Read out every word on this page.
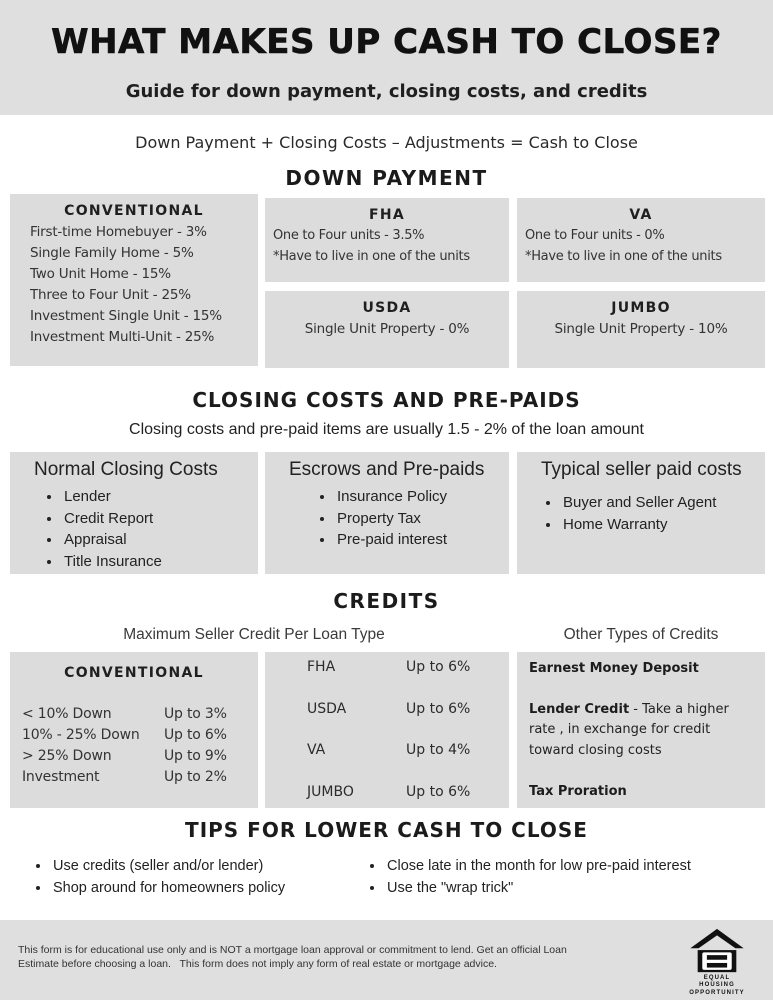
WHAT MAKES UP CASH TO CLOSE?
Guide for down payment, closing costs, and credits
Down Payment + Closing Costs – Adjustments = Cash to Close
DOWN PAYMENT
CONVENTIONAL
First-time Homebuyer - 3%
Single Family Home - 5%
Two Unit Home - 15%
Three to Four Unit - 25%
Investment Single Unit - 15%
Investment Multi-Unit - 25%
FHA
One to Four units - 3.5%
*Have to live in one of the units
VA
One to Four units - 0%
*Have to live in one of the units
USDA
Single Unit Property - 0%
JUMBO
Single Unit Property - 10%
CLOSING COSTS AND PRE-PAIDS
Closing costs and pre-paid items are usually 1.5 - 2% of the loan amount
Normal Closing Costs
• Lender
• Credit Report
• Appraisal
• Title Insurance
Escrows and Pre-paids
• Insurance Policy
• Property Tax
• Pre-paid interest
Typical seller paid costs
• Buyer and Seller Agent
• Home Warranty
CREDITS
Maximum Seller Credit Per Loan Type	Other Types of Credits
CONVENTIONAL
< 10% Down	Up to 3%
10% - 25% Down	Up to 6%
> 25% Down	Up to 9%
Investment	Up to 2%
FHA	Up to 6%
USDA	Up to 6%
VA	Up to 4%
JUMBO	Up to 6%

Earnest Money Deposit

Lender Credit - Take a higher rate , in exchange for credit toward closing costs

Tax Proration

TIPS FOR LOWER CASH TO CLOSE
• Use credits (seller and/or lender)
• Shop around for homeowners policy
• Close late in the month for low pre-paid interest
• Use the "wrap trick"
This form is for educational use only and is NOT a mortgage loan approval or commitment to lend. Get an official Loan Estimate before choosing a loan.   This form does not imply any form of real estate or mortgage advice.
EQUAL HOUSING
OPPORTUNITY
